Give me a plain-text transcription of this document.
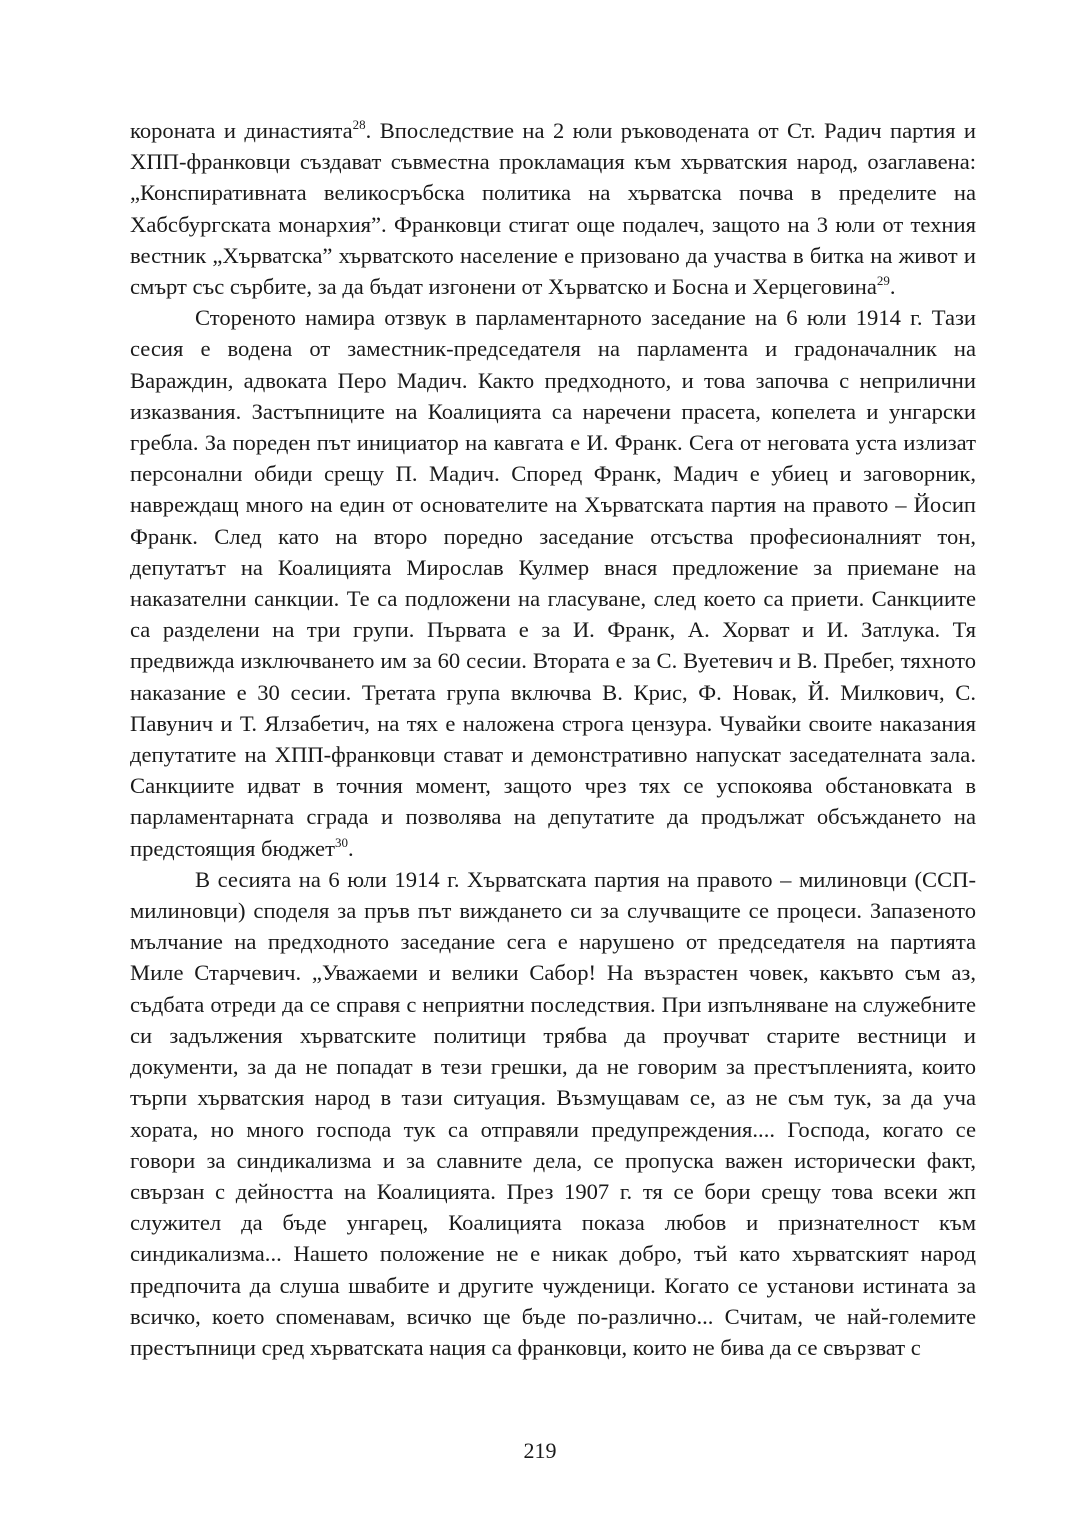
короната и династията$^{28}$. Впоследствие на 2 юли ръководената от Ст. Радич партия и ХПП-франковци създават съвместна прокламация към хърватския народ, озаглавена: „Конспиративната великосръбска политика на хърватска почва в пределите на Хабсбургската монархия”. Франковци стигат още подалеч, защото на 3 юли от техния вестник „Хърватска” хърватското население е призовано да участва в битка на живот и смърт със сърбите, за да бъдат изгонени от Хърватско и Босна и Херцеговина$^{29}$.

Стореното намира отзвук в парламентарното заседание на 6 юли 1914 г. Тази сесия е водена от заместник-председателя на парламента и градоначалник на Вараждин, адвоката Перо Мадич. Както предходното, и това започва с неприлични изказвания. Застъпниците на Коалицията са наречени прасета, копелета и унгарски гребла. За пореден път инициатор на кавгата е И. Франк. Сега от неговата уста излизат персонални обиди срещу П. Мадич. Според Франк, Мадич е убиец и заговорник, навреждащ много на един от основателите на Хърватската партия на правото – Йосип Франк. След като на второ поредно заседание отсъства професионалният тон, депутатът на Коалицията Мирослав Кулмер внася предложение за приемане на наказателни санкции. Те са подложени на гласуване, след което са приети. Санкциите са разделени на три групи. Първата е за И. Франк, А. Хорват и И. Затлука. Тя предвижда изключването им за 60 сесии. Втората е за С. Вуетевич и В. Пребег, тяхното наказание е 30 сесии. Третата група включва В. Крис, Ф. Новак, Й. Милкович, С. Павунич и Т. Ялзабетич, на тях е наложена строга цензура. Чувайки своите наказания депутатите на ХПП-франковци стават и демонстративно напускат заседателната зала. Санкциите идват в точния момент, защото чрез тях се успокоява обстановката в парламентарната сграда и позволява на депутатите да продължат обсъждането на предстоящия бюджет$^{30}$.

В сесията на 6 юли 1914 г. Хърватската партия на правото – милиновци (ССП-милиновци) споделя за пръв път виждането си за случващите се процеси. Запазеното мълчание на предходното заседание сега е нарушено от председателя на партията Миле Старчевич. „Уважаеми и велики Сабор! На възрастен човек, какъвто съм аз, съдбата отреди да се справя с неприятни последствия. При изпълняване на служебните си задължения хърватските политици трябва да проучват старите вестници и документи, за да не попадат в тези грешки, да не говорим за престъпленията, които търпи хърватския народ в тази ситуация. Възмущавам се, аз не съм тук, за да уча хората, но много господа тук са отправяли предупреждения.... Господа, когато се говори за синдикализма и за славните дела, се пропуска важен исторически факт, свързан с дейността на Коалицията. През 1907 г. тя се бори срещу това всеки жп служител да бъде унгарец, Коалицията показа любов и признателност към синдикализма... Нашето положение не е никак добро, тъй като хърватският народ предпочита да слуша швабите и другите чужденици. Когато се установи истината за всичко, което споменавам, всичко ще бъде по-различно... Считам, че най-големите престъпници сред хърватската нация са франковци, които не бива да се свързват с

219
